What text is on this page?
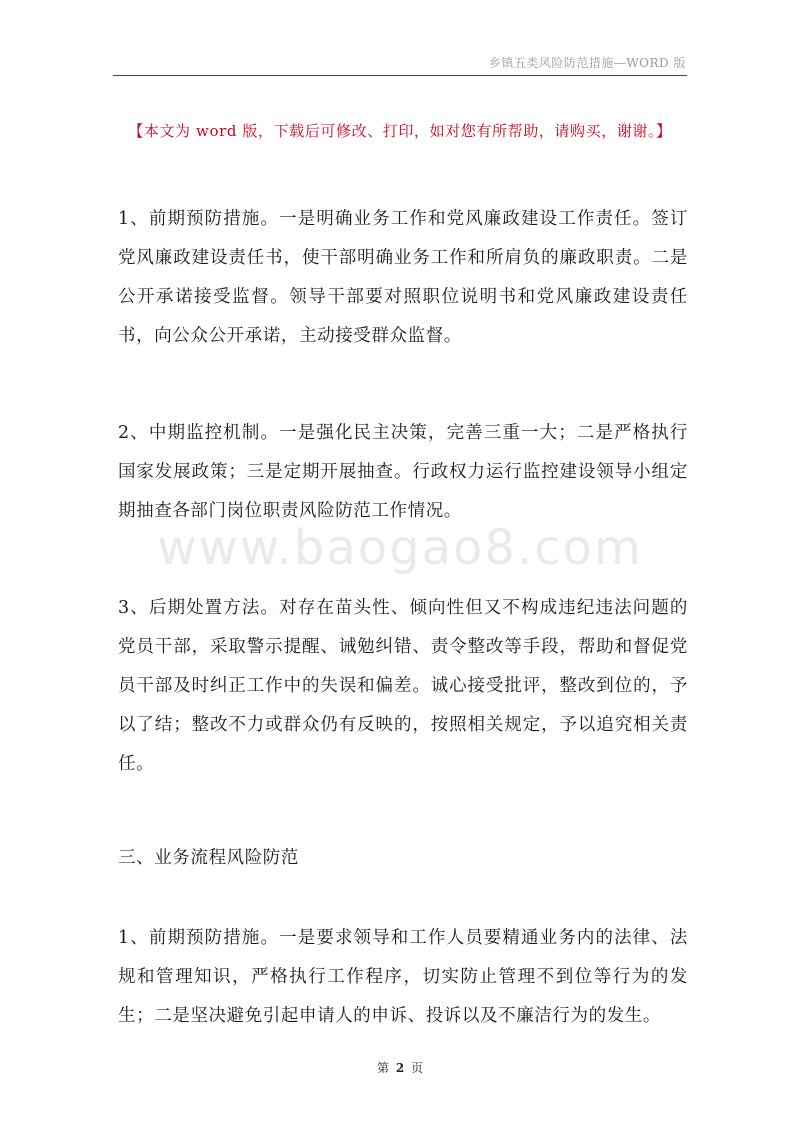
乡镇五类风险防范措施—WORD 版
【本文为 word 版，下载后可修改、打印，如对您有所帮助，请购买，谢谢。】

1、前期预防措施。一是明确业务工作和党风廉政建设工作责任。签订党风廉政建设责任书，使干部明确业务工作和所肩负的廉政职责。二是公开承诺接受监督。领导干部要对照职位说明书和党风廉政建设责任书，向公众公开承诺，主动接受群众监督。

2、中期监控机制。一是强化民主决策，完善三重一大；二是严格执行国家发展政策；三是定期开展抽查。行政权力运行监控建设领导小组定期抽查各部门岗位职责风险防范工作情况。

3、后期处置方法。对存在苗头性、倾向性但又不构成违纪违法问题的党员干部，采取警示提醒、诫勉纠错、责令整改等手段，帮助和督促党员干部及时纠正工作中的失误和偏差。诚心接受批评，整改到位的，予以了结；整改不力或群众仍有反映的，按照相关规定，予以追究相关责任。

三、业务流程风险防范

1、前期预防措施。一是要求领导和工作人员要精通业务内的法律、法规和管理知识，严格执行工作程序，切实防止管理不到位等行为的发生；二是坚决避免引起申请人的申诉、投诉以及不廉洁行为的发生。

www.baogao8.com
第 2 页
